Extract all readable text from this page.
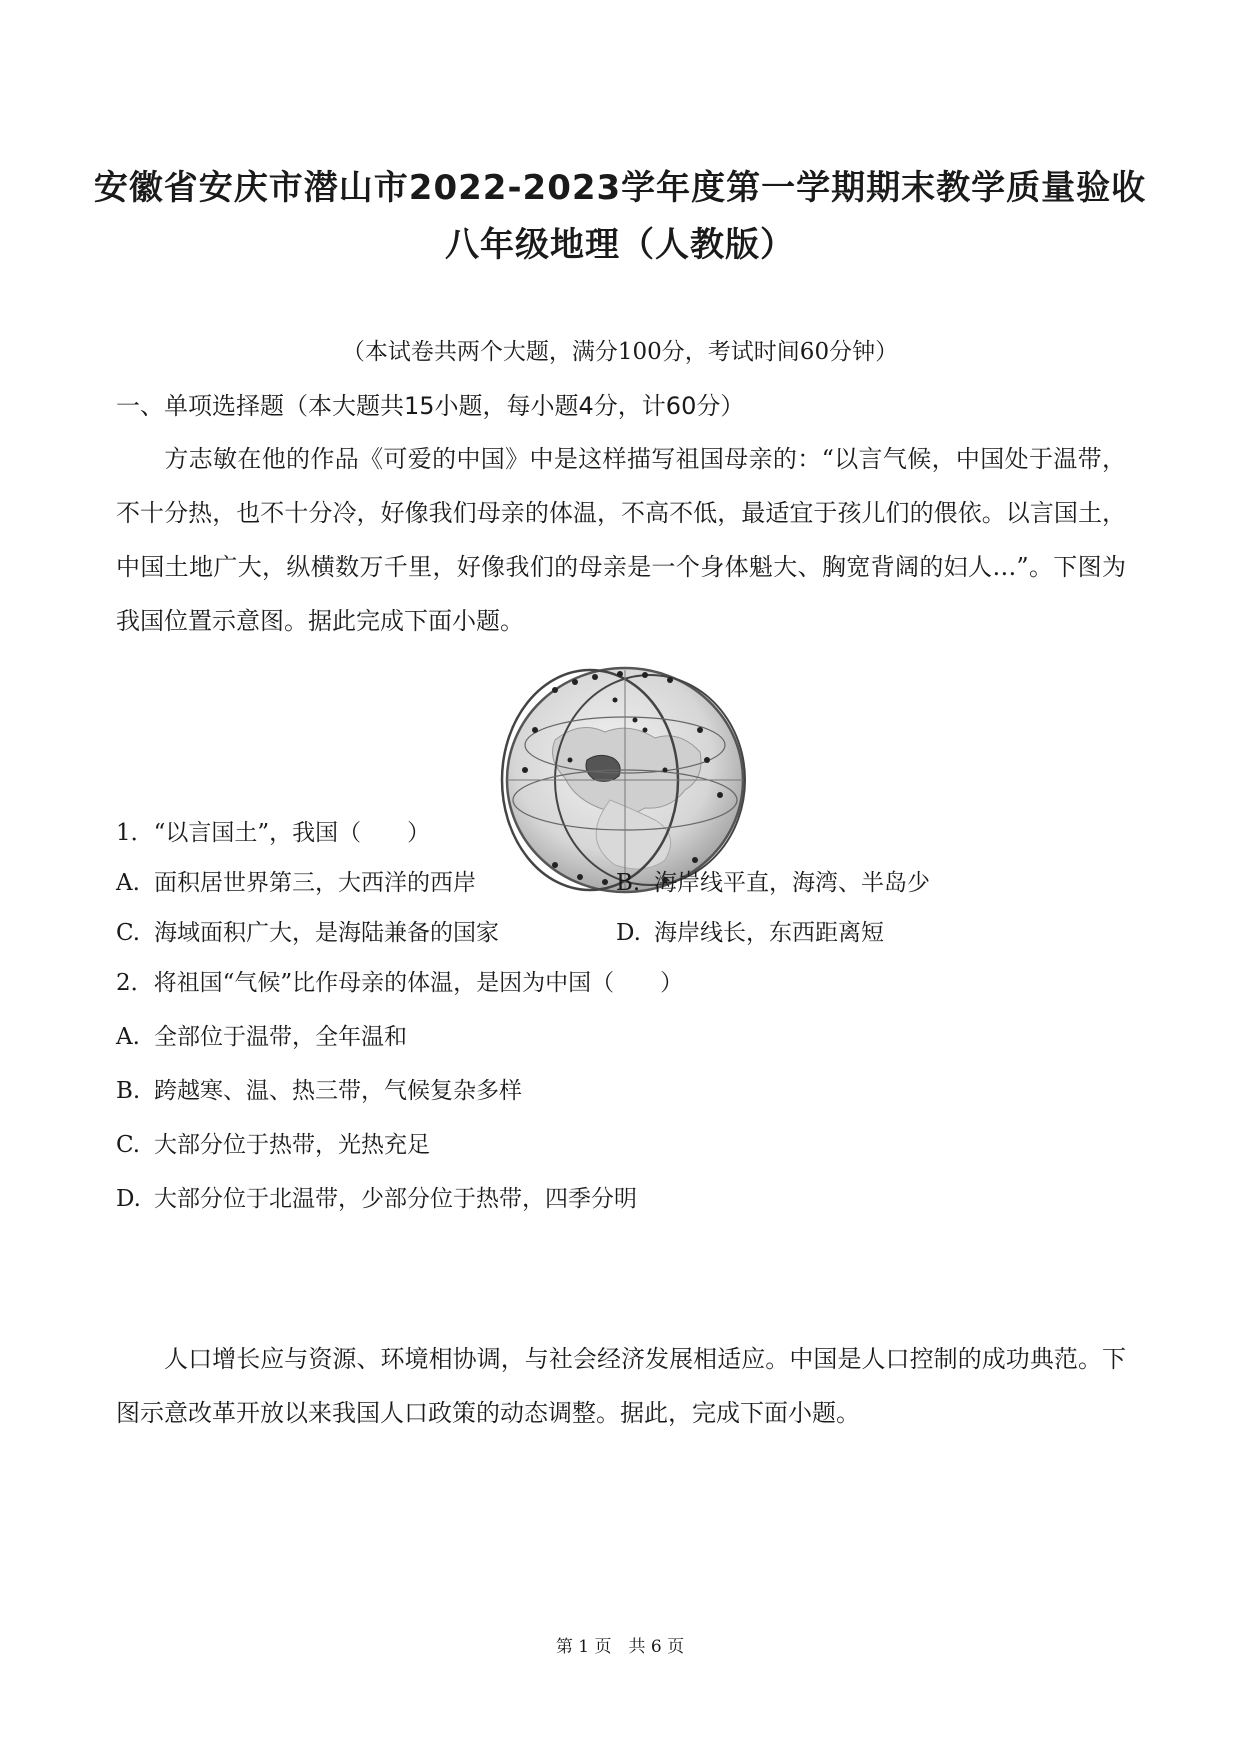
安徽省安庆市潜山市2022-2023学年度第一学期期末教学质量验收
八年级地理（人教版）
（本试卷共两个大题，满分100分，考试时间60分钟）
一、单项选择题（本大题共15小题，每小题4分，计60分）
方志敏在他的作品《可爱的中国》中是这样描写祖国母亲的：“以言气候，中国处于温带，不十分热，也不十分冷，好像我们母亲的体温，不高不低，最适宜于孩儿们的偎依。以言国土，中国土地广大，纵横数万千里，好像我们的母亲是一个身体魁大、胸宽背阔的妇人…”。下图为我国位置示意图。据此完成下面小题。
1．“以言国土”，我国（　　）
A. 面积居世界第三，大西洋的西岸	B. 海岸线平直，海湾、半岛少
C. 海域面积广大，是海陆兼备的国家	D. 海岸线长，东西距离短
2．将祖国“气候”比作母亲的体温，是因为中国（　　）
A. 全部位于温带，全年温和
B. 跨越寒、温、热三带，气候复杂多样
C. 大部分位于热带，光热充足
D. 大部分位于北温带，少部分位于热带，四季分明
人口增长应与资源、环境相协调，与社会经济发展相适应。中国是人口控制的成功典范。下图示意改革开放以来我国人口政策的动态调整。据此，完成下面小题。
第 1 页　共 6 页
